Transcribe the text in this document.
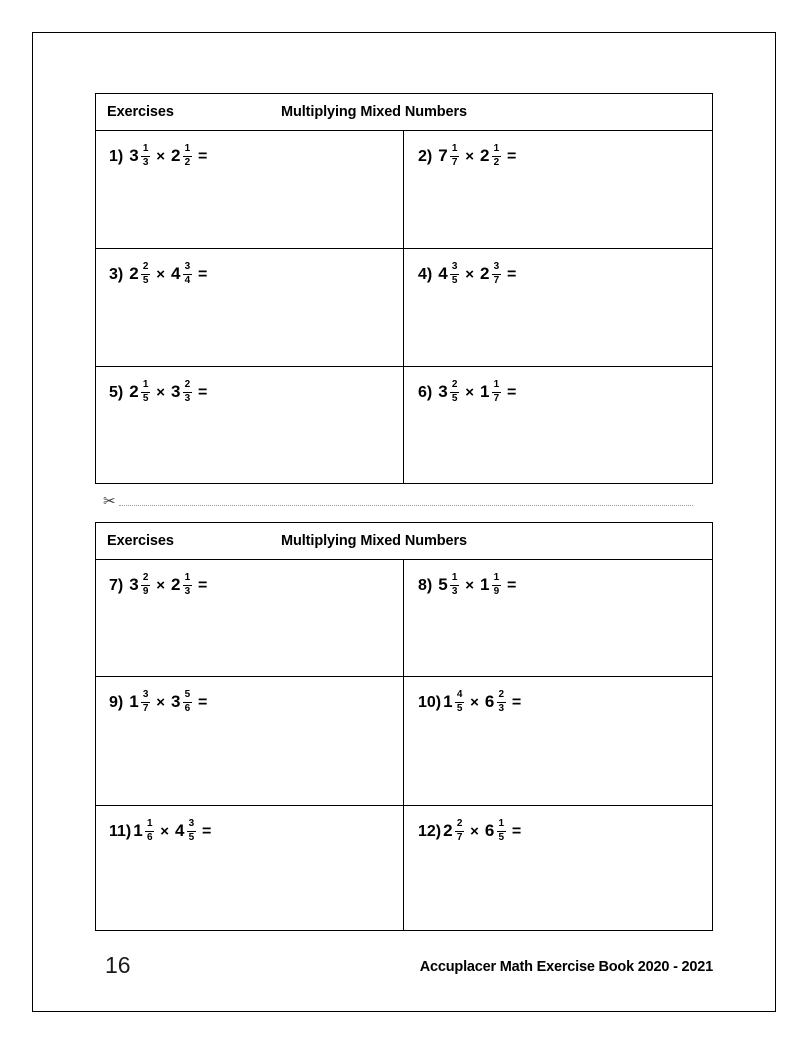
Exercises	Multiplying Mixed Numbers
1) $3 \frac{1}{3} \times 2 \frac{1}{2}$ =	2) $7 \frac{1}{7} \times 2 \frac{1}{2}$ =
3) $2 \frac{2}{5} \times 4 \frac{3}{4}$ =	4) $4 \frac{3}{5} \times 2 \frac{3}{7}$ =
5) $2 \frac{1}{5} \times 3 \frac{2}{3}$ =	6) $3 \frac{2}{5} \times 1 \frac{1}{7}$ =
✂
Exercises	Multiplying Mixed Numbers
7) $3 \frac{2}{9} \times 2 \frac{1}{3}$ =	8) $5 \frac{1}{3} \times 1 \frac{1}{9}$ =
9) $1 \frac{3}{7} \times 3 \frac{5}{6}$ =	10) $1 \frac{4}{5} \times 6 \frac{2}{3}$ =
11) $1 \frac{1}{6} \times 4 \frac{3}{5}$ =	12) $2 \frac{2}{7} \times 6 \frac{1}{5}$ =
16	Accuplacer Math Exercise Book 2020 - 2021
